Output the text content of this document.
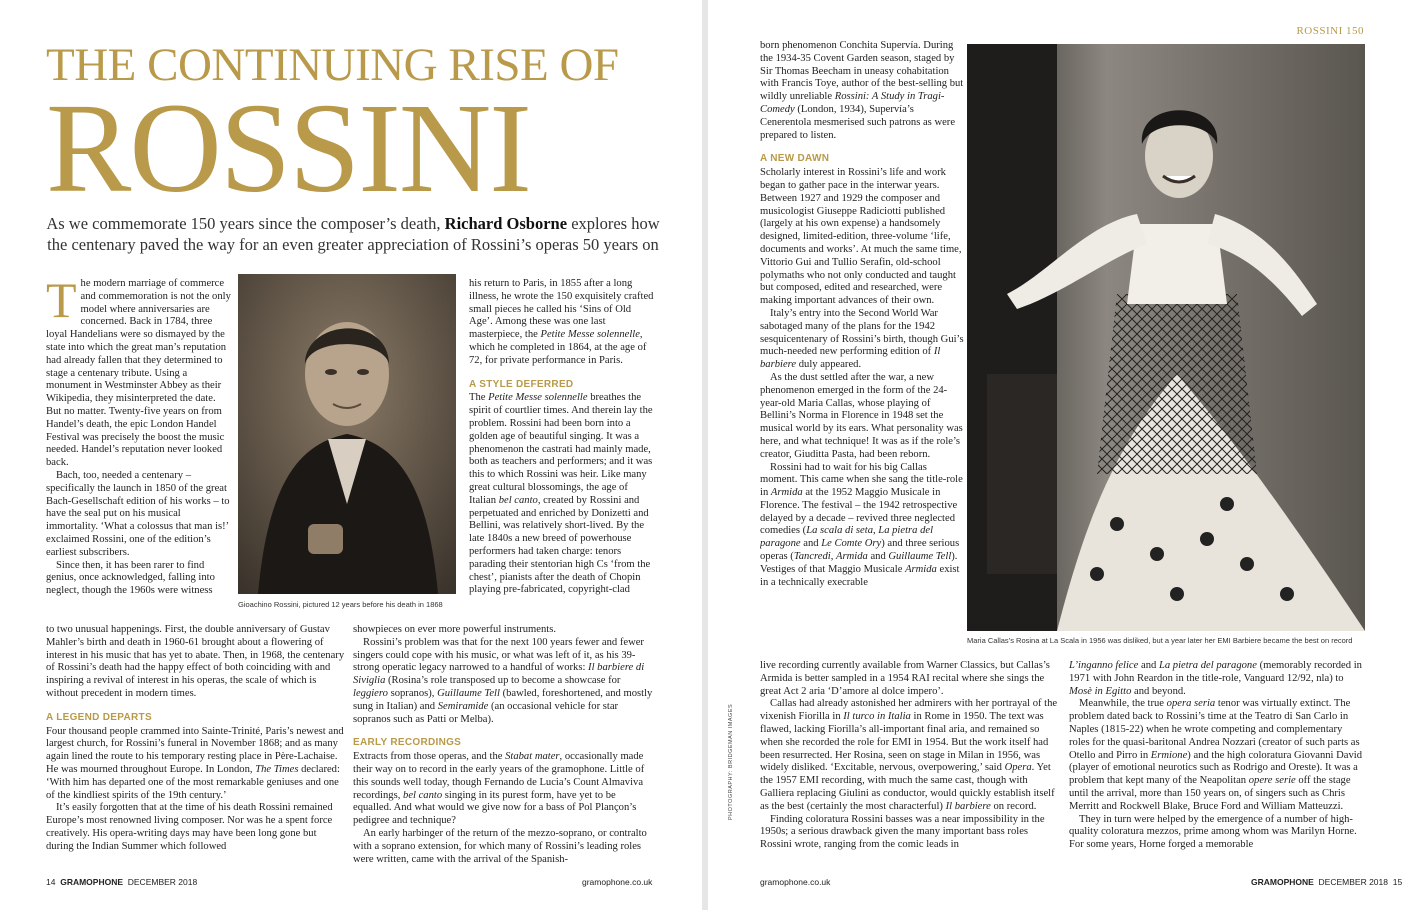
THE CONTINUING RISE OF
ROSSINI
As we commemorate 150 years since the composer’s death, Richard Osborne explores how the centenary paved the way for an even greater appreciation of Rossini’s operas 50 years on

The modern marriage of commerce and commemoration is not the only model where anniversaries are concerned. Back in 1784, three loyal Handelians were so dismayed by the state into which the great man’s reputation had already fallen that they determined to stage a centenary tribute. Using a monument in Westminster Abbey as their Wikipedia, they misinterpreted the date. But no matter. Twenty-five years on from Handel’s death, the epic London Handel Festival was precisely the boost the music needed. Handel’s reputation never looked back.

Bach, too, needed a centenary – specifically the launch in 1850 of the great Bach-Gesellschaft edition of his works – to have the seal put on his musical immortality. ‘What a colossus that man is!’ exclaimed Rossini, one of the edition’s earliest subscribers.

Since then, it has been rarer to find genius, once acknowledged, falling into neglect, though the 1960s were witness

Gioachino Rossini, pictured 12 years before his death in 1868

his return to Paris, in 1855 after a long illness, he wrote the 150 exquisitely crafted small pieces he called his ‘Sins of Old Age’. Among these was one last masterpiece, the Petite Messe solennelle, which he completed in 1864, at the age of 72, for private performance in Paris.

A STYLE DEFERRED

The Petite Messe solennelle breathes the spirit of courtlier times. And therein lay the problem. Rossini had been born into a golden age of beautiful singing. It was a phenomenon the castrati had mainly made, both as teachers and performers; and it was this to which Rossini was heir. Like many great cultural blossomings, the age of Italian bel canto, created by Rossini and perpetuated and enriched by Donizetti and Bellini, was relatively short-lived. By the late 1840s a new breed of powerhouse performers had taken charge: tenors parading their stentorian high Cs ‘from the chest’, pianists after the death of Chopin playing pre-fabricated, copyright-clad

to two unusual happenings. First, the double anniversary of Gustav Mahler’s birth and death in 1960-61 brought about a flowering of interest in his music that has yet to abate. Then, in 1968, the centenary of Rossini’s death had the happy effect of both coinciding with and inspiring a revival of interest in his operas, the scale of which is without precedent in modern times.

A LEGEND DEPARTS

Four thousand people crammed into Sainte-Trinité, Paris’s newest and largest church, for Rossini’s funeral in November 1868; and as many again lined the route to his temporary resting place in Père-Lachaise. He was mourned throughout Europe. In London, The Times declared: ‘With him has departed one of the most remarkable geniuses and one of the kindliest spirits of the 19th century.’

It’s easily forgotten that at the time of his death Rossini remained Europe’s most renowned living composer. Nor was he a spent force creatively. His opera-writing days may have been long gone but during the Indian Summer which followed

showpieces on ever more powerful instruments.

Rossini’s problem was that for the next 100 years fewer and fewer singers could cope with his music, or what was left of it, as his 39-strong operatic legacy narrowed to a handful of works: Il barbiere di Siviglia (Rosina’s role transposed up to become a showcase for leggiero sopranos), Guillaume Tell (bawled, foreshortened, and mostly sung in Italian) and Semiramide (an occasional vehicle for star sopranos such as Patti or Melba).

EARLY RECORDINGS

Extracts from those operas, and the Stabat mater, occasionally made their way on to record in the early years of the gramophone. Little of this sounds well today, though Fernando de Lucia’s Count Almaviva recordings, bel canto singing in its purest form, have yet to be equalled. And what would we give now for a bass of Pol Plançon’s pedigree and technique?

An early harbinger of the return of the mezzo-soprano, or contralto with a soprano extension, for which many of Rossini’s leading roles were written, came with the arrival of the Spanish-

14 GRAMOPHONE DECEMBER 2018	gramophone.co.uk
ROSSINI 150
PHOTOGRAPHY: BRIDGEMAN IMAGES

born phenomenon Conchita Supervía. During the 1934-35 Covent Garden season, staged by Sir Thomas Beecham in uneasy cohabitation with Francis Toye, author of the best-selling but wildly unreliable Rossini: A Study in Tragi-Comedy (London, 1934), Supervía’s Cenerentola mesmerised such patrons as were prepared to listen.

A NEW DAWN

Scholarly interest in Rossini’s life and work began to gather pace in the interwar years. Between 1927 and 1929 the composer and musicologist Giuseppe Radiciotti published (largely at his own expense) a handsomely designed, limited-edition, three-volume ‘life, documents and works’. At much the same time, Vittorio Gui and Tullio Serafin, old-school polymaths who not only conducted and taught but composed, edited and researched, were making important advances of their own.

Italy’s entry into the Second World War sabotaged many of the plans for the 1942 sesquicentenary of Rossini’s birth, though Gui’s much-needed new performing edition of Il barbiere duly appeared.

As the dust settled after the war, a new phenomenon emerged in the form of the 24-year-old Maria Callas, whose playing of Bellini’s Norma in Florence in 1948 set the musical world by its ears. What personality was here, and what technique! It was as if the role’s creator, Giuditta Pasta, had been reborn.

Rossini had to wait for his big Callas moment. This came when she sang the title-role in Armida at the 1952 Maggio Musicale in Florence. The festival – the 1942 retrospective delayed by a decade – revived three neglected comedies (La scala di seta, La pietra del paragone and Le Comte Ory) and three serious operas (Tancredi, Armida and Guillaume Tell). Vestiges of that Maggio Musicale Armida exist in a technically execrable

Maria Callas’s Rosina at La Scala in 1956 was disliked, but a year later her EMI Barbiere became the best on record

live recording currently available from Warner Classics, but Callas’s Armida is better sampled in a 1954 RAI recital where she sings the great Act 2 aria ‘D’amore al dolce impero’.

Callas had already astonished her admirers with her portrayal of the vixenish Fiorilla in Il turco in Italia in Rome in 1950. The text was flawed, lacking Fiorilla’s all-important final aria, and remained so when she recorded the role for EMI in 1954. But the work itself had been resurrected. Her Rosina, seen on stage in Milan in 1956, was widely disliked. ‘Excitable, nervous, overpowering,’ said Opera. Yet the 1957 EMI recording, with much the same cast, though with Galliera replacing Giulini as conductor, would quickly establish itself as the best (certainly the most characterful) Il barbiere on record.

Finding coloratura Rossini basses was a near impossibility in the 1950s; a serious drawback given the many important bass roles Rossini wrote, ranging from the comic leads in

L’inganno felice and La pietra del paragone (memorably recorded in 1971 with John Reardon in the title-role, Vanguard 12/92, nla) to Mosè in Egitto and beyond.

Meanwhile, the true opera seria tenor was virtually extinct. The problem dated back to Rossini’s time at the Teatro di San Carlo in Naples (1815-22) when he wrote competing and complementary roles for the quasi-baritonal Andrea Nozzari (creator of such parts as Otello and Pirro in Ermione) and the high coloratura Giovanni David (player of emotional neurotics such as Rodrigo and Oreste). It was a problem that kept many of the Neapolitan opere serie off the stage until the arrival, more than 150 years on, of singers such as Chris Merritt and Rockwell Blake, Bruce Ford and William Matteuzzi.

They in turn were helped by the emergence of a number of high-quality coloratura mezzos, prime among whom was Marilyn Horne. For some years, Horne forged a memorable

gramophone.co.uk	GRAMOPHONE DECEMBER 2018 15
